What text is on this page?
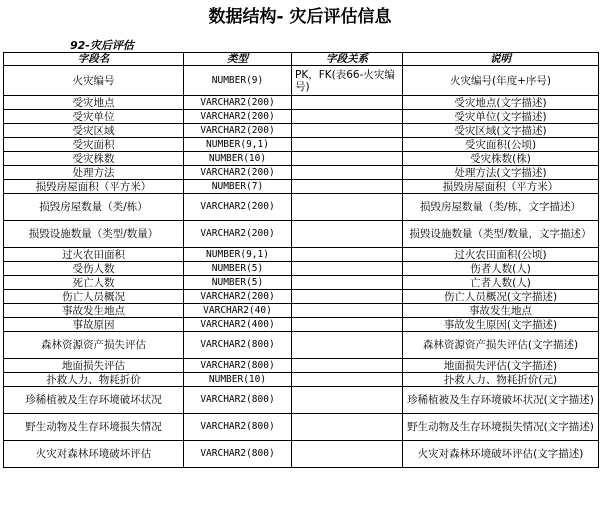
数据结构- 灾后评估信息
92-灾后评估
字段名	类型	字段关系	说明
火灾编号	NUMBER(9)	PK，FK(表66-火灾编号)	火灾编号(年度+序号)
受灾地点	VARCHAR2(200)		受灾地点(文字描述)
受灾单位	VARCHAR2(200)		受灾单位(文字描述)
受灾区域	VARCHAR2(200)		受灾区域(文字描述)
受灾面积	NUMBER(9,1)		受灾面积(公顷)
受灾株数	NUMBER(10)		受灾株数(株)
处理方法	VARCHAR2(200)		处理方法(文字描述)
损毁房屋面积（平方米）	NUMBER(7)		损毁房屋面积（平方米）
损毁房屋数量（类/栋）	VARCHAR2(200)		损毁房屋数量（类/栋，文字描述）
损毁设施数量（类型/数量）	VARCHAR2(200)		损毁设施数量（类型/数量，文字描述）
过火农田面积	NUMBER(9,1)		过火农田面积(公顷)
受伤人数	NUMBER(5)		伤者人数(人)
死亡人数	NUMBER(5)		亡者人数(人)
伤亡人员概况	VARCHAR2(200)		伤亡人员概况(文字描述)
事故发生地点	VARCHAR2(40)		事故发生地点
事故原因	VARCHAR2(400)		事故发生原因(文字描述)
森林资源资产损失评估	VARCHAR2(800)		森林资源资产损失评估(文字描述)
地面损失评估	VARCHAR2(800)		地面损失评估(文字描述)
扑救人力、物耗折价	NUMBER(10)		扑救人力、物耗折价(元)
珍稀植被及生存环境破坏状况	VARCHAR2(800)		珍稀植被及生存环境破坏状况(文字描述)
野生动物及生存环境损失情况	VARCHAR2(800)		野生动物及生存环境损失情况(文字描述)
火灾对森林环境破坏评估	VARCHAR2(800)		火灾对森林环境破坏评估(文字描述)
